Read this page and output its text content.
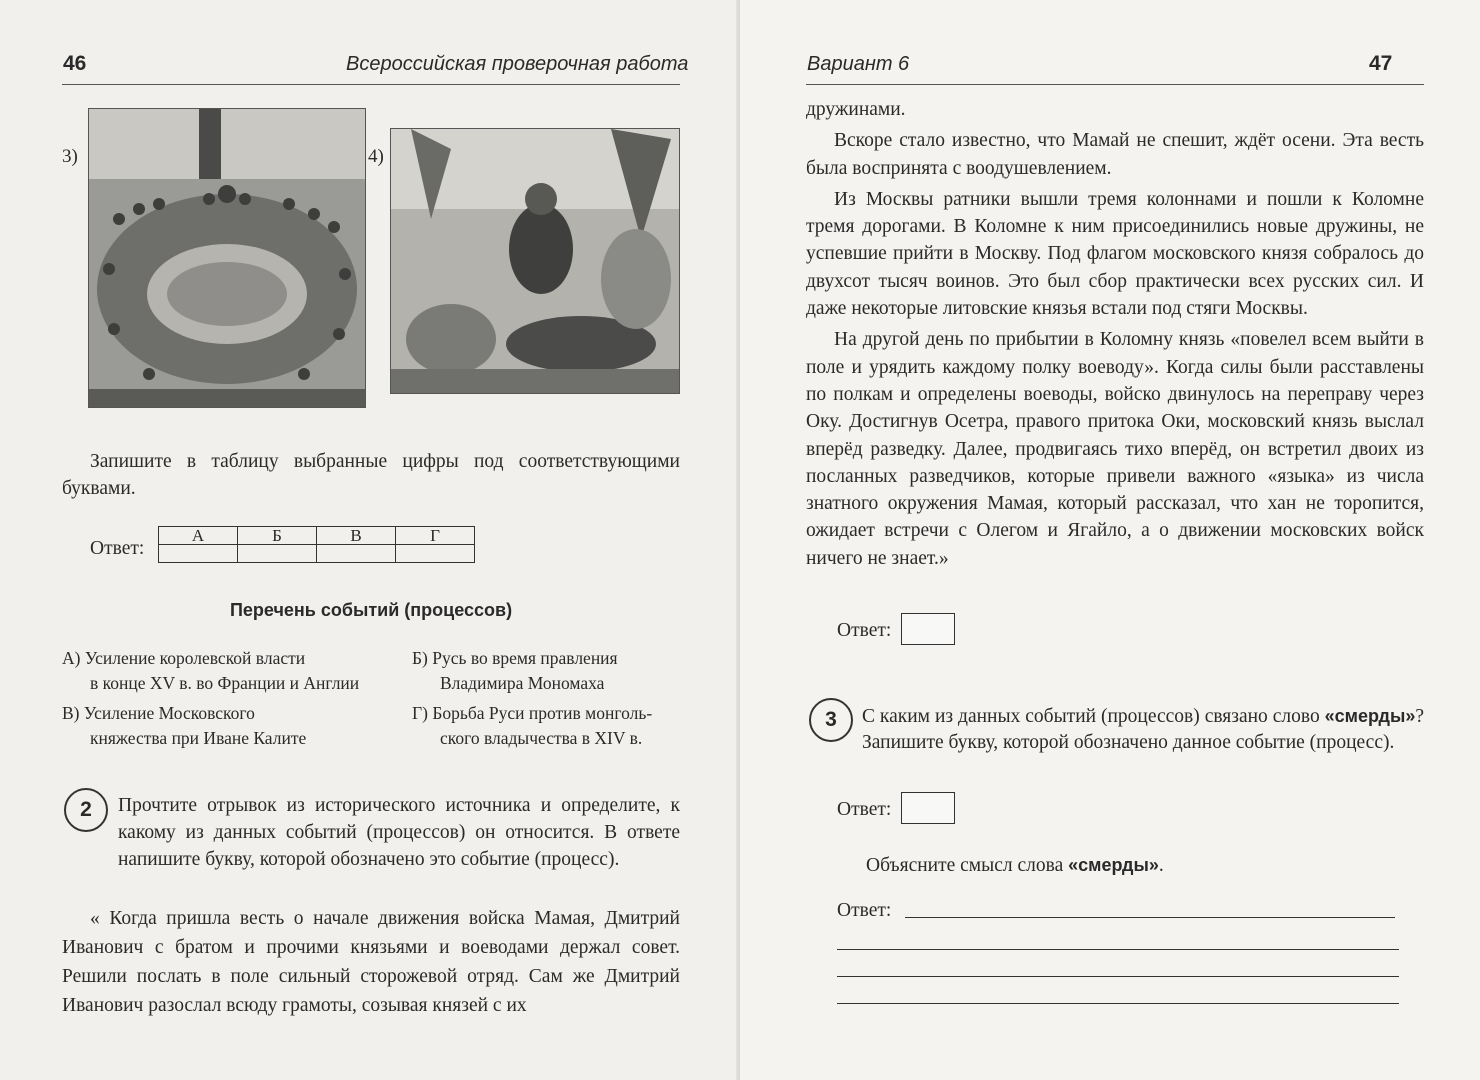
46	Всероссийская проверочная работа
3)	4)

Запишите в таблицу выбранные цифры под соответствующими буквами.

Ответ:
А	Б	В	Г

Перечень событий (процессов)
А) Усиление королевской власти
в конце XV в. во Франции и Англии
Б) Русь во время правления
Владимира Мономаха
В) Усиление Московского
княжества при Иване Калите
Г) Борьба Руси против монголь-
ского владычества в XIV в.
2	Прочтите отрывок из исторического источника и определите, к какому из данных событий (процессов) он относится. В ответе напишите букву, которой обозначено это событие (процесс).

« Когда пришла весть о начале движения войска Мамая, Дмитрий Иванович с братом и прочими князьями и воеводами держал совет. Решили послать в поле сильный сторожевой отряд. Сам же Дмитрий Иванович разослал всюду грамоты, созывая князей с их

Вариант 6	47

дружинами.

Вскоре стало известно, что Мамай не спешит, ждёт осени. Эта весть была воспринята с воодушевлением.

Из Москвы ратники вышли тремя колоннами и пошли к Коломне тремя дорогами. В Коломне к ним присоединились новые дружины, не успевшие прийти в Москву. Под флагом московского князя собралось до двухсот тысяч воинов. Это был сбор практически всех русских сил. И даже некоторые литовские князья встали под стяги Москвы.

На другой день по прибытии в Коломну князь «повелел всем выйти в поле и урядить каждому полку воеводу». Когда силы были расставлены по полкам и определены воеводы, войско двинулось на переправу через Оку. Достигнув Осетра, правого притока Оки, московский князь выслал вперёд разведку. Далее, продвигаясь тихо вперёд, он встретил двоих из посланных разведчиков, которые привели важного «языка» из числа знатного окружения Мамая, который рассказал, что хан не торопится, ожидает встречи с Олегом и Ягайло, а о движении московских войск ничего не знает.»

Ответ:
3	С каким из данных событий (процессов) связано слово «смерды»? Запишите букву, которой обозначено данное событие (процесс).

Ответ:
Объясните смысл слова «смерды».
Ответ:
